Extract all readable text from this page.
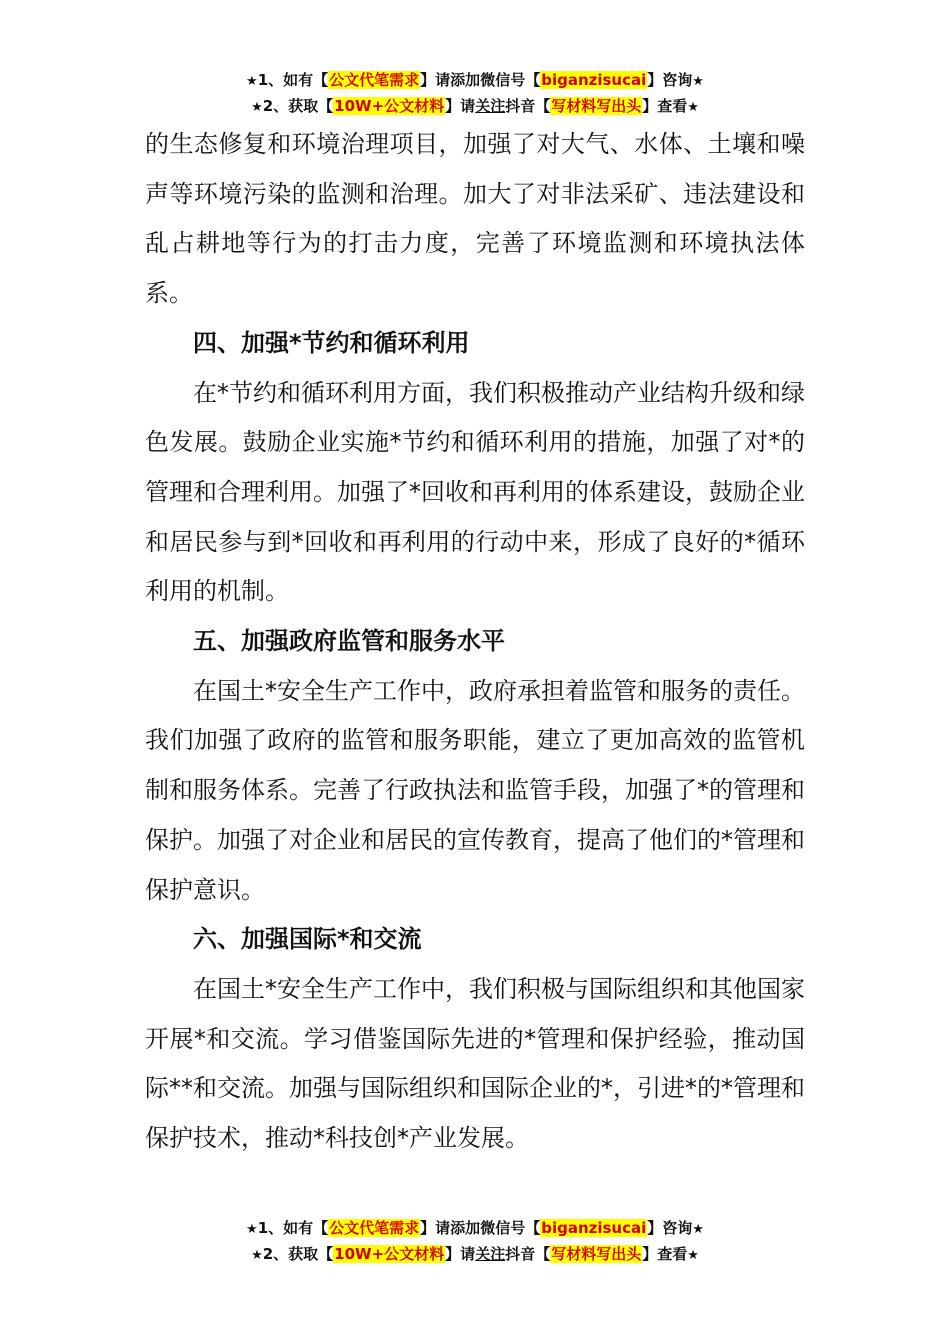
★1、如有【公文代笔需求】请添加微信号【biganzisucai】咨询★
★2、获取【10W+公文材料】请关注抖音【写材料写出头】查看★

的生态修复和环境治理项目，加强了对大气、水体、土壤和噪声等环境污染的监测和治理。加大了对非法采矿、违法建设和乱占耕地等行为的打击力度，完善了环境监测和环境执法体系。

四、加强*节约和循环利用

在*节约和循环利用方面，我们积极推动产业结构升级和绿色发展。鼓励企业实施*节约和循环利用的措施，加强了对*的管理和合理利用。加强了*回收和再利用的体系建设，鼓励企业和居民参与到*回收和再利用的行动中来，形成了良好的*循环利用的机制。

五、加强政府监管和服务水平

在国土*安全生产工作中，政府承担着监管和服务的责任。我们加强了政府的监管和服务职能，建立了更加高效的监管机制和服务体系。完善了行政执法和监管手段，加强了*的管理和保护。加强了对企业和居民的宣传教育，提高了他们的*管理和保护意识。

六、加强国际*和交流

在国土*安全生产工作中，我们积极与国际组织和其他国家开展*和交流。学习借鉴国际先进的*管理和保护经验，推动国际**和交流。加强与国际组织和国际企业的*，引进*的*管理和保护技术，推动*科技创*产业发展。

★1、如有【公文代笔需求】请添加微信号【biganzisucai】咨询★
★2、获取【10W+公文材料】请关注抖音【写材料写出头】查看★
